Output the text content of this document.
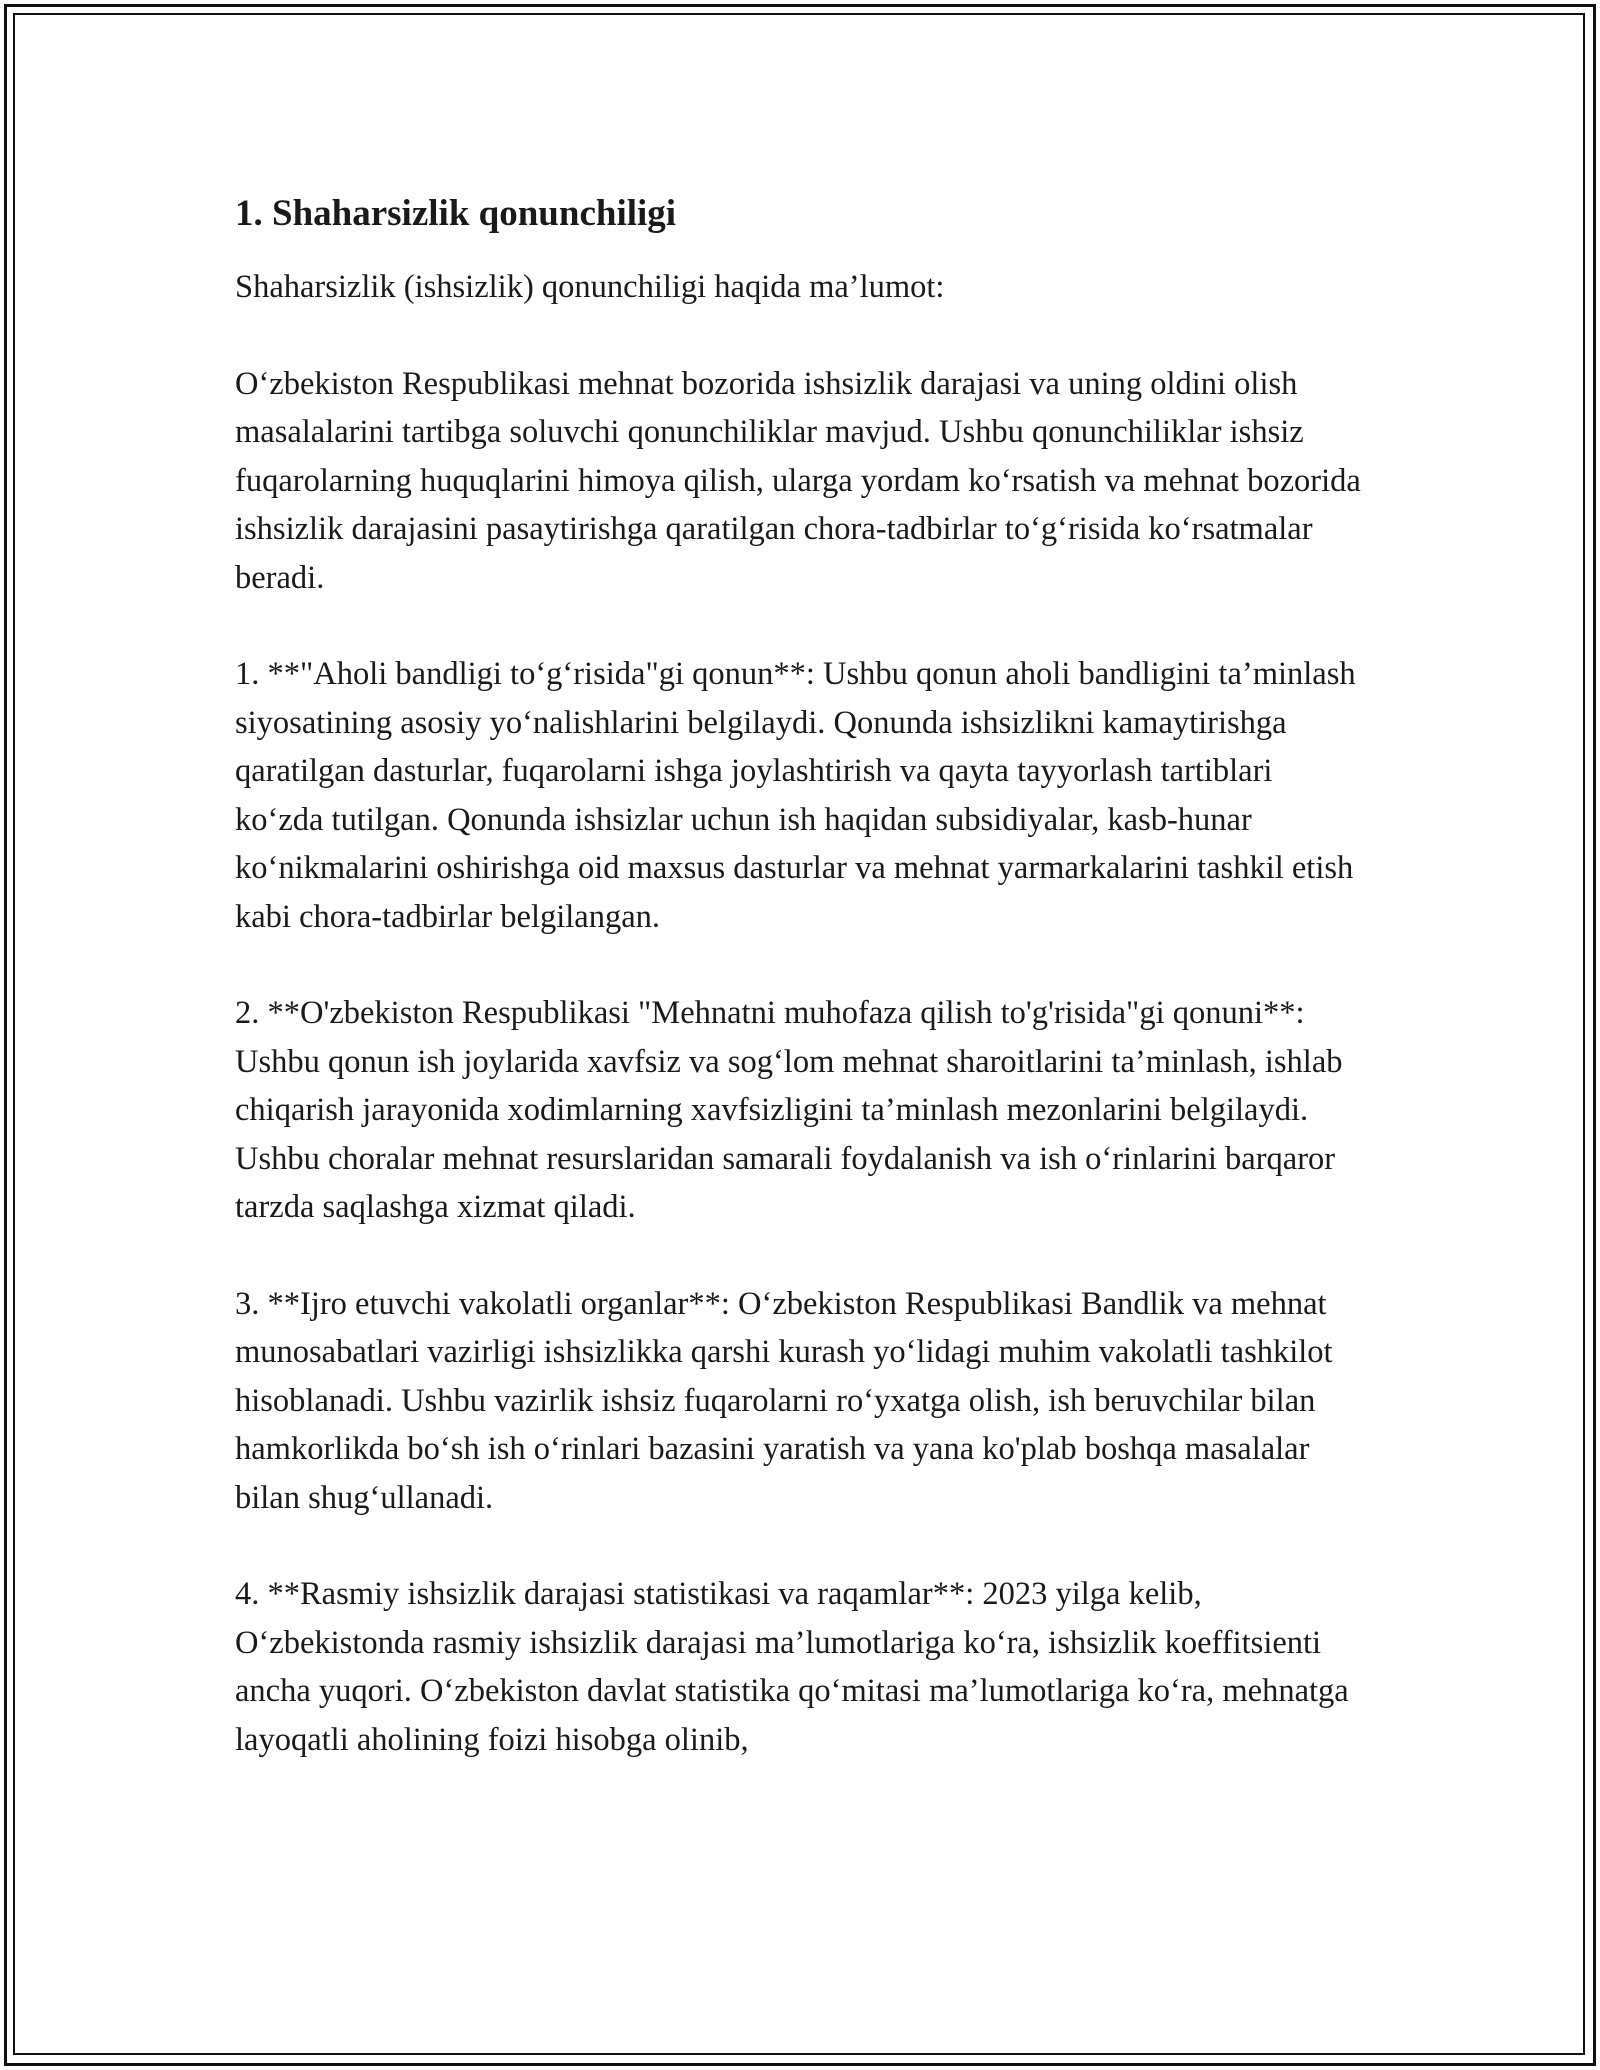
1. Shaharsizlik qonunchiligi

Shaharsizlik (ishsizlik) qonunchiligi haqida ma’lumot:

O‘zbekiston Respublikasi mehnat bozorida ishsizlik darajasi va uning oldini olish masalalarini tartibga soluvchi qonunchiliklar mavjud. Ushbu qonunchiliklar ishsiz fuqarolarning huquqlarini himoya qilish, ularga yordam ko‘rsatish va mehnat bozorida ishsizlik darajasini pasaytirishga qaratilgan chora-tadbirlar to‘g‘risida ko‘rsatmalar beradi.

1. **"Aholi bandligi to‘g‘risida"gi qonun**: Ushbu qonun aholi bandligini ta’minlash siyosatining asosiy yo‘nalishlarini belgilaydi. Qonunda ishsizlikni kamaytirishga qaratilgan dasturlar, fuqarolarni ishga joylashtirish va qayta tayyorlash tartiblari ko‘zda tutilgan. Qonunda ishsizlar uchun ish haqidan subsidiyalar, kasb-hunar ko‘nikmalarini oshirishga oid maxsus dasturlar va mehnat yarmarkalarini tashkil etish kabi chora-tadbirlar belgilangan.

2. **O'zbekiston Respublikasi "Mehnatni muhofaza qilish to'g'risida"gi qonuni**: Ushbu qonun ish joylarida xavfsiz va sog‘lom mehnat sharoitlarini ta’minlash, ishlab chiqarish jarayonida xodimlarning xavfsizligini ta’minlash mezonlarini belgilaydi. Ushbu choralar mehnat resurslaridan samarali foydalanish va ish o‘rinlarini barqaror tarzda saqlashga xizmat qiladi.

3. **Ijro etuvchi vakolatli organlar**: O‘zbekiston Respublikasi Bandlik va mehnat munosabatlari vazirligi ishsizlikka qarshi kurash yo‘lidagi muhim vakolatli tashkilot hisoblanadi. Ushbu vazirlik ishsiz fuqarolarni ro‘yxatga olish, ish beruvchilar bilan hamkorlikda bo‘sh ish o‘rinlari bazasini yaratish va yana ko'plab boshqa masalalar bilan shug‘ullanadi.

4. **Rasmiy ishsizlik darajasi statistikasi va raqamlar**: 2023 yilga kelib, O‘zbekistonda rasmiy ishsizlik darajasi ma’lumotlariga ko‘ra, ishsizlik koeffitsienti ancha yuqori. O‘zbekiston davlat statistika qo‘mitasi ma’lumotlariga ko‘ra, mehnatga layoqatli aholining foizi hisobga olinib,
